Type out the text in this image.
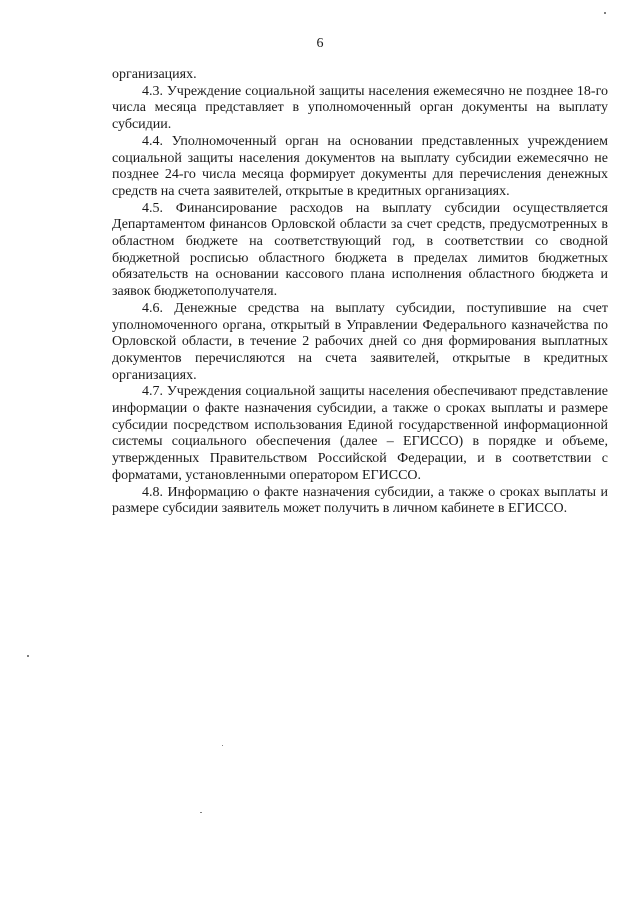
6

организациях.

4.3. Учреждение социальной защиты населения ежемесячно не позднее 18-го числа месяца представляет в уполномоченный орган документы на выплату субсидии.

4.4. Уполномоченный орган на основании представленных учреждением социальной защиты населения документов на выплату субсидии ежемесячно не позднее 24-го числа месяца формирует документы для перечисления денежных средств на счета заявителей, открытые в кредитных организациях.

4.5. Финансирование расходов на выплату субсидии осуществляется Департаментом финансов Орловской области за счет средств, предусмотренных в областном бюджете на соответствующий год, в соответствии со сводной бюджетной росписью областного бюджета в пределах лимитов бюджетных обязательств на основании кассового плана исполнения областного бюджета и заявок бюджетополучателя.

4.6. Денежные средства на выплату субсидии, поступившие на счет уполномоченного органа, открытый в Управлении Федерального казначейства по Орловской области, в течение 2 рабочих дней со дня формирования выплатных документов перечисляются на счета заявителей, открытые в кредитных организациях.

4.7. Учреждения социальной защиты населения обеспечивают представление информации о факте назначения субсидии, а также о сроках выплаты и размере субсидии посредством использования Единой государственной информационной системы социального обеспечения (далее – ЕГИССО) в порядке и объеме, утвержденных Правительством Российской Федерации, и в соответствии с форматами, установленными оператором ЕГИССО.

4.8. Информацию о факте назначения субсидии, а также о сроках выплаты и размере субсидии заявитель может получить в личном кабинете в ЕГИССО.
